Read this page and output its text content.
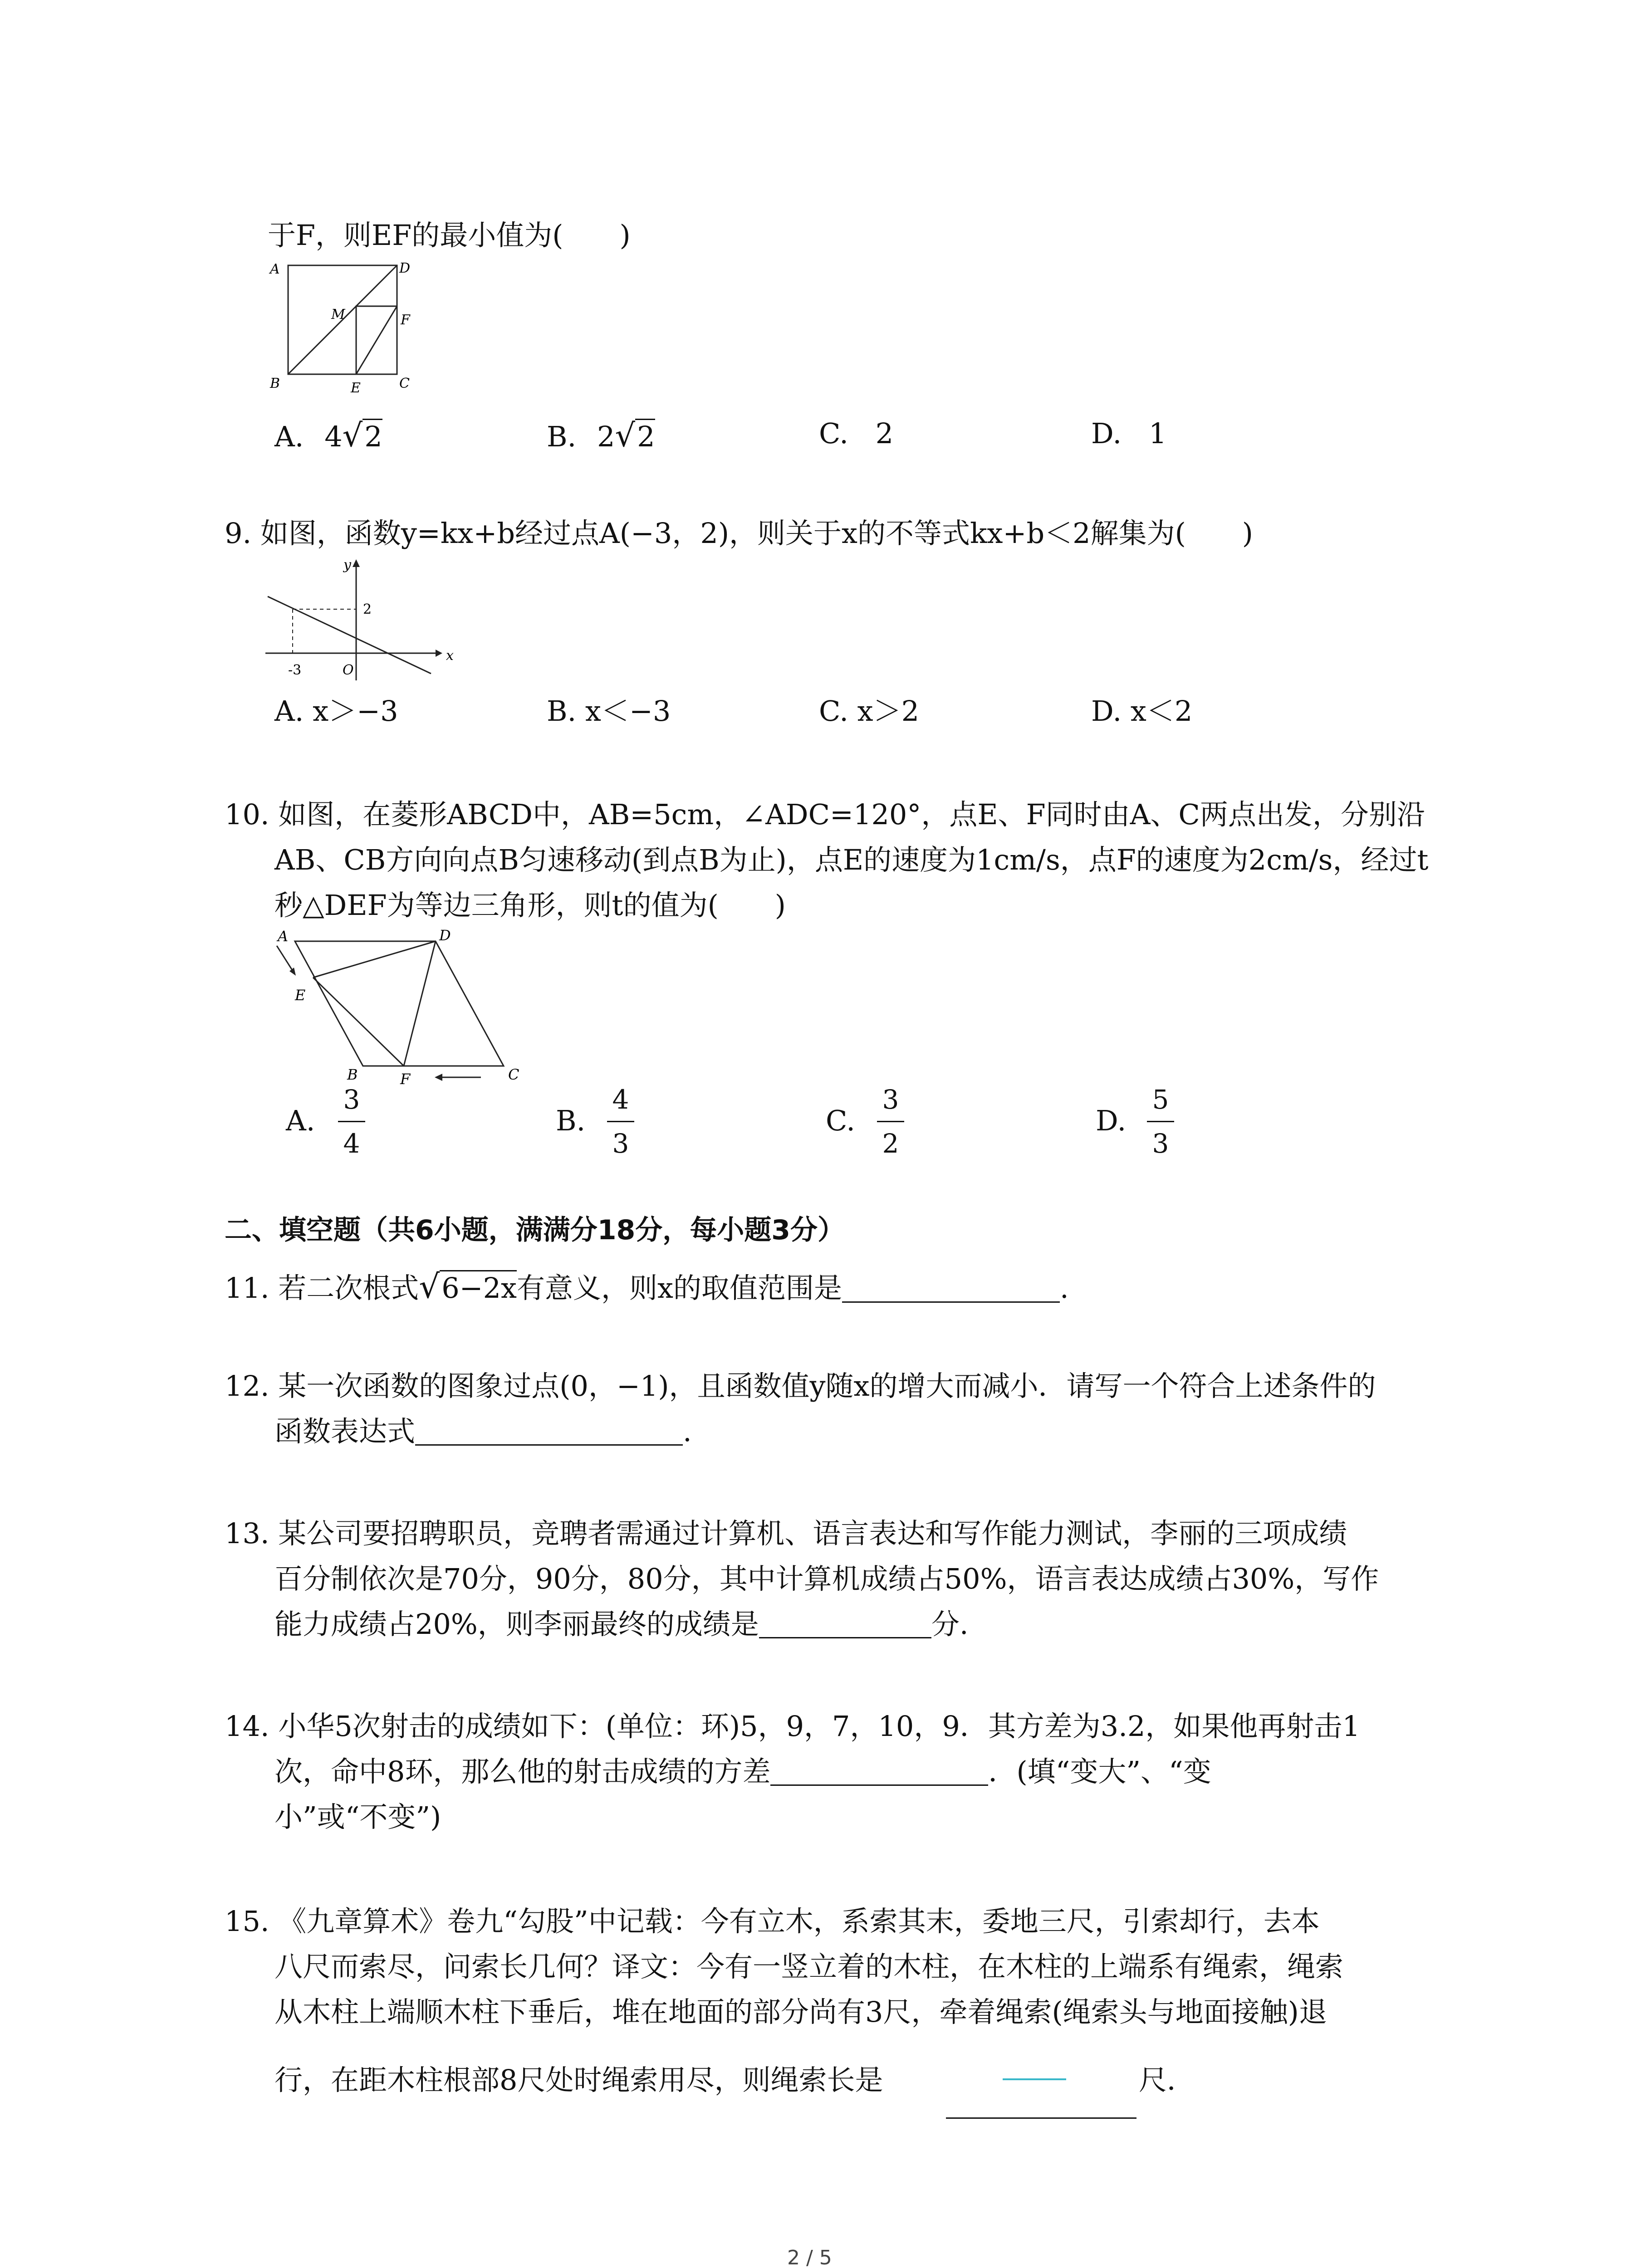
于F，则EF的最小值为(　　)
A	D
M	F
B	E	C
A. 4√2	B. 2√2	C. 2	D. 1
9. 如图，函数y=kx+b经过点A(−3，2)，则关于x的不等式kx+b＜2解集为(　　)
y
2
x
-3	O
A. x＞−3	B. x＜−3	C. x＞2	D. x＜2
10. 如图，在菱形ABCD中，AB=5cm，∠ADC=120°，点E、F同时由A、C两点出发，分别沿
AB、CB方向向点B匀速移动(到点B为止)，点E的速度为1cm/s，点F的速度为2cm/s，经过t
秒△DEF为等边三角形，则t的值为(　　)
A	D
E
B	F	C
A.
3
4
B.
4
3
C.
3
2
D.
5
3
二、填空题（共6小题，满满分18分，每小题3分）
11. 若二次根式√6−2x有意义，则x的取值范围是	.
12. 某一次函数的图象过点(0，−1)，且函数值y随x的增大而减小．请写一个符合上述条件的
函数表达式	.
13. 某公司要招聘职员，竞聘者需通过计算机、语言表达和写作能力测试，李丽的三项成绩
百分制依次是70分，90分，80分，其中计算机成绩占50%，语言表达成绩占30%，写作
能力成绩占20%，则李丽最终的成绩是	分.
14. 小华5次射击的成绩如下：(单位：环)5，9，7，10，9．其方差为3.2，如果他再射击1
次，命中8环，那么他的射击成绩的方差	．(填“变大”、“变
小”或“不变”)
15. 《九章算术》卷九“勾股”中记载：今有立木，系索其末，委地三尺，引索却行，去本
八尺而索尽，问索长几何？译文：今有一竖立着的木柱，在木柱的上端系有绳索，绳索
从木柱上端顺木柱下垂后，堆在地面的部分尚有3尺，牵着绳索(绳索头与地面接触)退
行，在距木柱根部8尺处时绳索用尽，则绳索长是	尺．
2 / 5
